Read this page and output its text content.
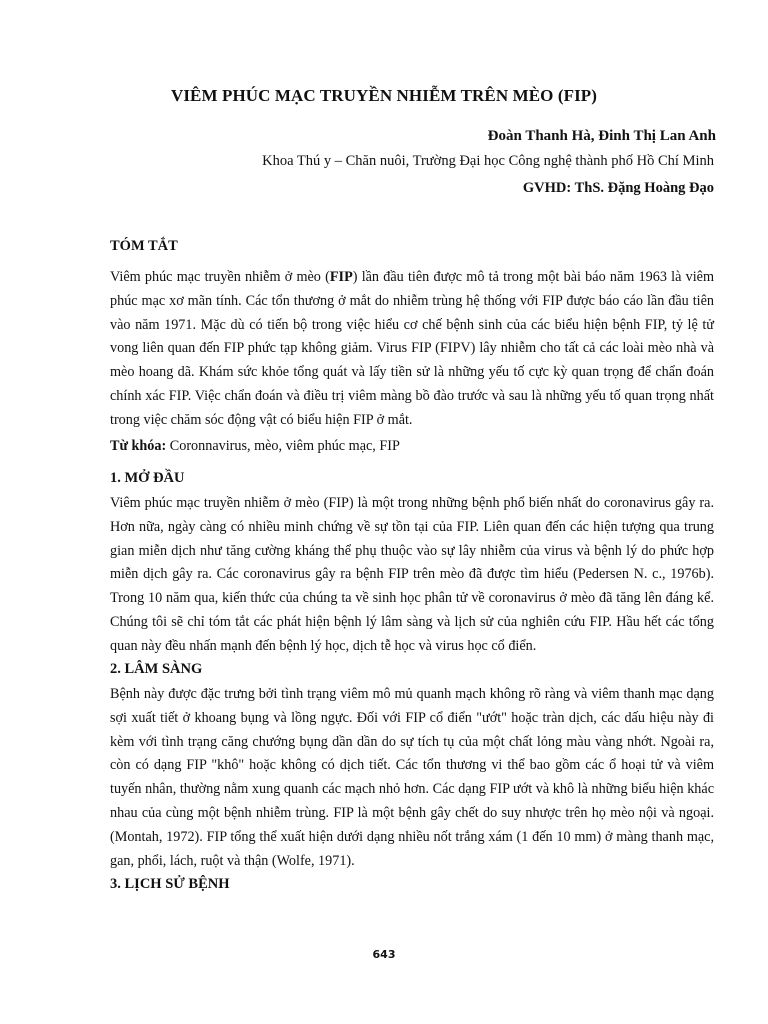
VIÊM PHÚC MẠC TRUYỀN NHIỄM TRÊN MÈO (FIP)
Đoàn Thanh Hà, Đinh Thị Lan Anh
Khoa Thú y – Chăn nuôi, Trường Đại học Công nghệ thành phố Hồ Chí Minh
GVHD: ThS. Đặng Hoàng Đạo
TÓM TẮT

Viêm phúc mạc truyền nhiễm ở mèo (FIP) lần đầu tiên được mô tả trong một bài báo năm 1963 là viêm phúc mạc xơ mãn tính. Các tổn thương ở mắt do nhiễm trùng hệ thống với FIP được báo cáo lần đầu tiên vào năm 1971. Mặc dù có tiến bộ trong việc hiểu cơ chế bệnh sinh của các biểu hiện bệnh FIP, tỷ lệ tử vong liên quan đến FIP phức tạp không giảm. Virus FIP (FIPV) lây nhiễm cho tất cả các loài mèo nhà và mèo hoang dã. Khám sức khỏe tổng quát và lấy tiền sử là những yếu tố cực kỳ quan trọng để chẩn đoán chính xác FIP. Việc chẩn đoán và điều trị viêm màng bồ đào trước và sau là những yếu tố quan trọng nhất trong việc chăm sóc động vật có biểu hiện FIP ở mắt.

Từ khóa: Coronnavirus, mèo, viêm phúc mạc, FIP
1. MỞ ĐẦU

Viêm phúc mạc truyền nhiễm ở mèo (FIP) là một trong những bệnh phổ biến nhất do coronavirus gây ra. Hơn nữa, ngày càng có nhiều minh chứng về sự tồn tại của FIP. Liên quan đến các hiện tượng qua trung gian miễn dịch như tăng cường kháng thể phụ thuộc vào sự lây nhiễm của virus và bệnh lý do phức hợp miễn dịch gây ra. Các coronavirus gây ra bệnh FIP trên mèo đã được tìm hiểu (Pedersen N. c., 1976b). Trong 10 năm qua, kiến thức của chúng ta về sinh học phân tử về coronavirus ở mèo đã tăng lên đáng kể. Chúng tôi sẽ chỉ tóm tắt các phát hiện bệnh lý lâm sàng và lịch sử của nghiên cứu FIP. Hầu hết các tổng quan này đều nhấn mạnh đến bệnh lý học, dịch tễ học và virus học cổ điển.

2. LÂM SÀNG

Bệnh này được đặc trưng bởi tình trạng viêm mô mủ quanh mạch không rõ ràng và viêm thanh mạc dạng sợi xuất tiết ở khoang bụng và lồng ngực. Đối với FIP cổ điển "ướt" hoặc tràn dịch, các dấu hiệu này đi kèm với tình trạng căng chướng bụng dần dần do sự tích tụ của một chất lỏng màu vàng nhớt. Ngoài ra, còn có dạng FIP "khô" hoặc không có dịch tiết. Các tổn thương vi thể bao gồm các ổ hoại tử và viêm tuyến nhân, thường nằm xung quanh các mạch nhỏ hơn. Các dạng FIP ướt và khô là những biểu hiện khác nhau của cùng một bệnh nhiễm trùng. FIP là một bệnh gây chết do suy nhược trên họ mèo nội và ngoại. (Montah, 1972). FIP tổng thể xuất hiện dưới dạng nhiều nốt trắng xám (1 đến 10 mm) ở màng thanh mạc, gan, phổi, lách, ruột và thận (Wolfe, 1971).

3. LỊCH SỬ BỆNH
643
